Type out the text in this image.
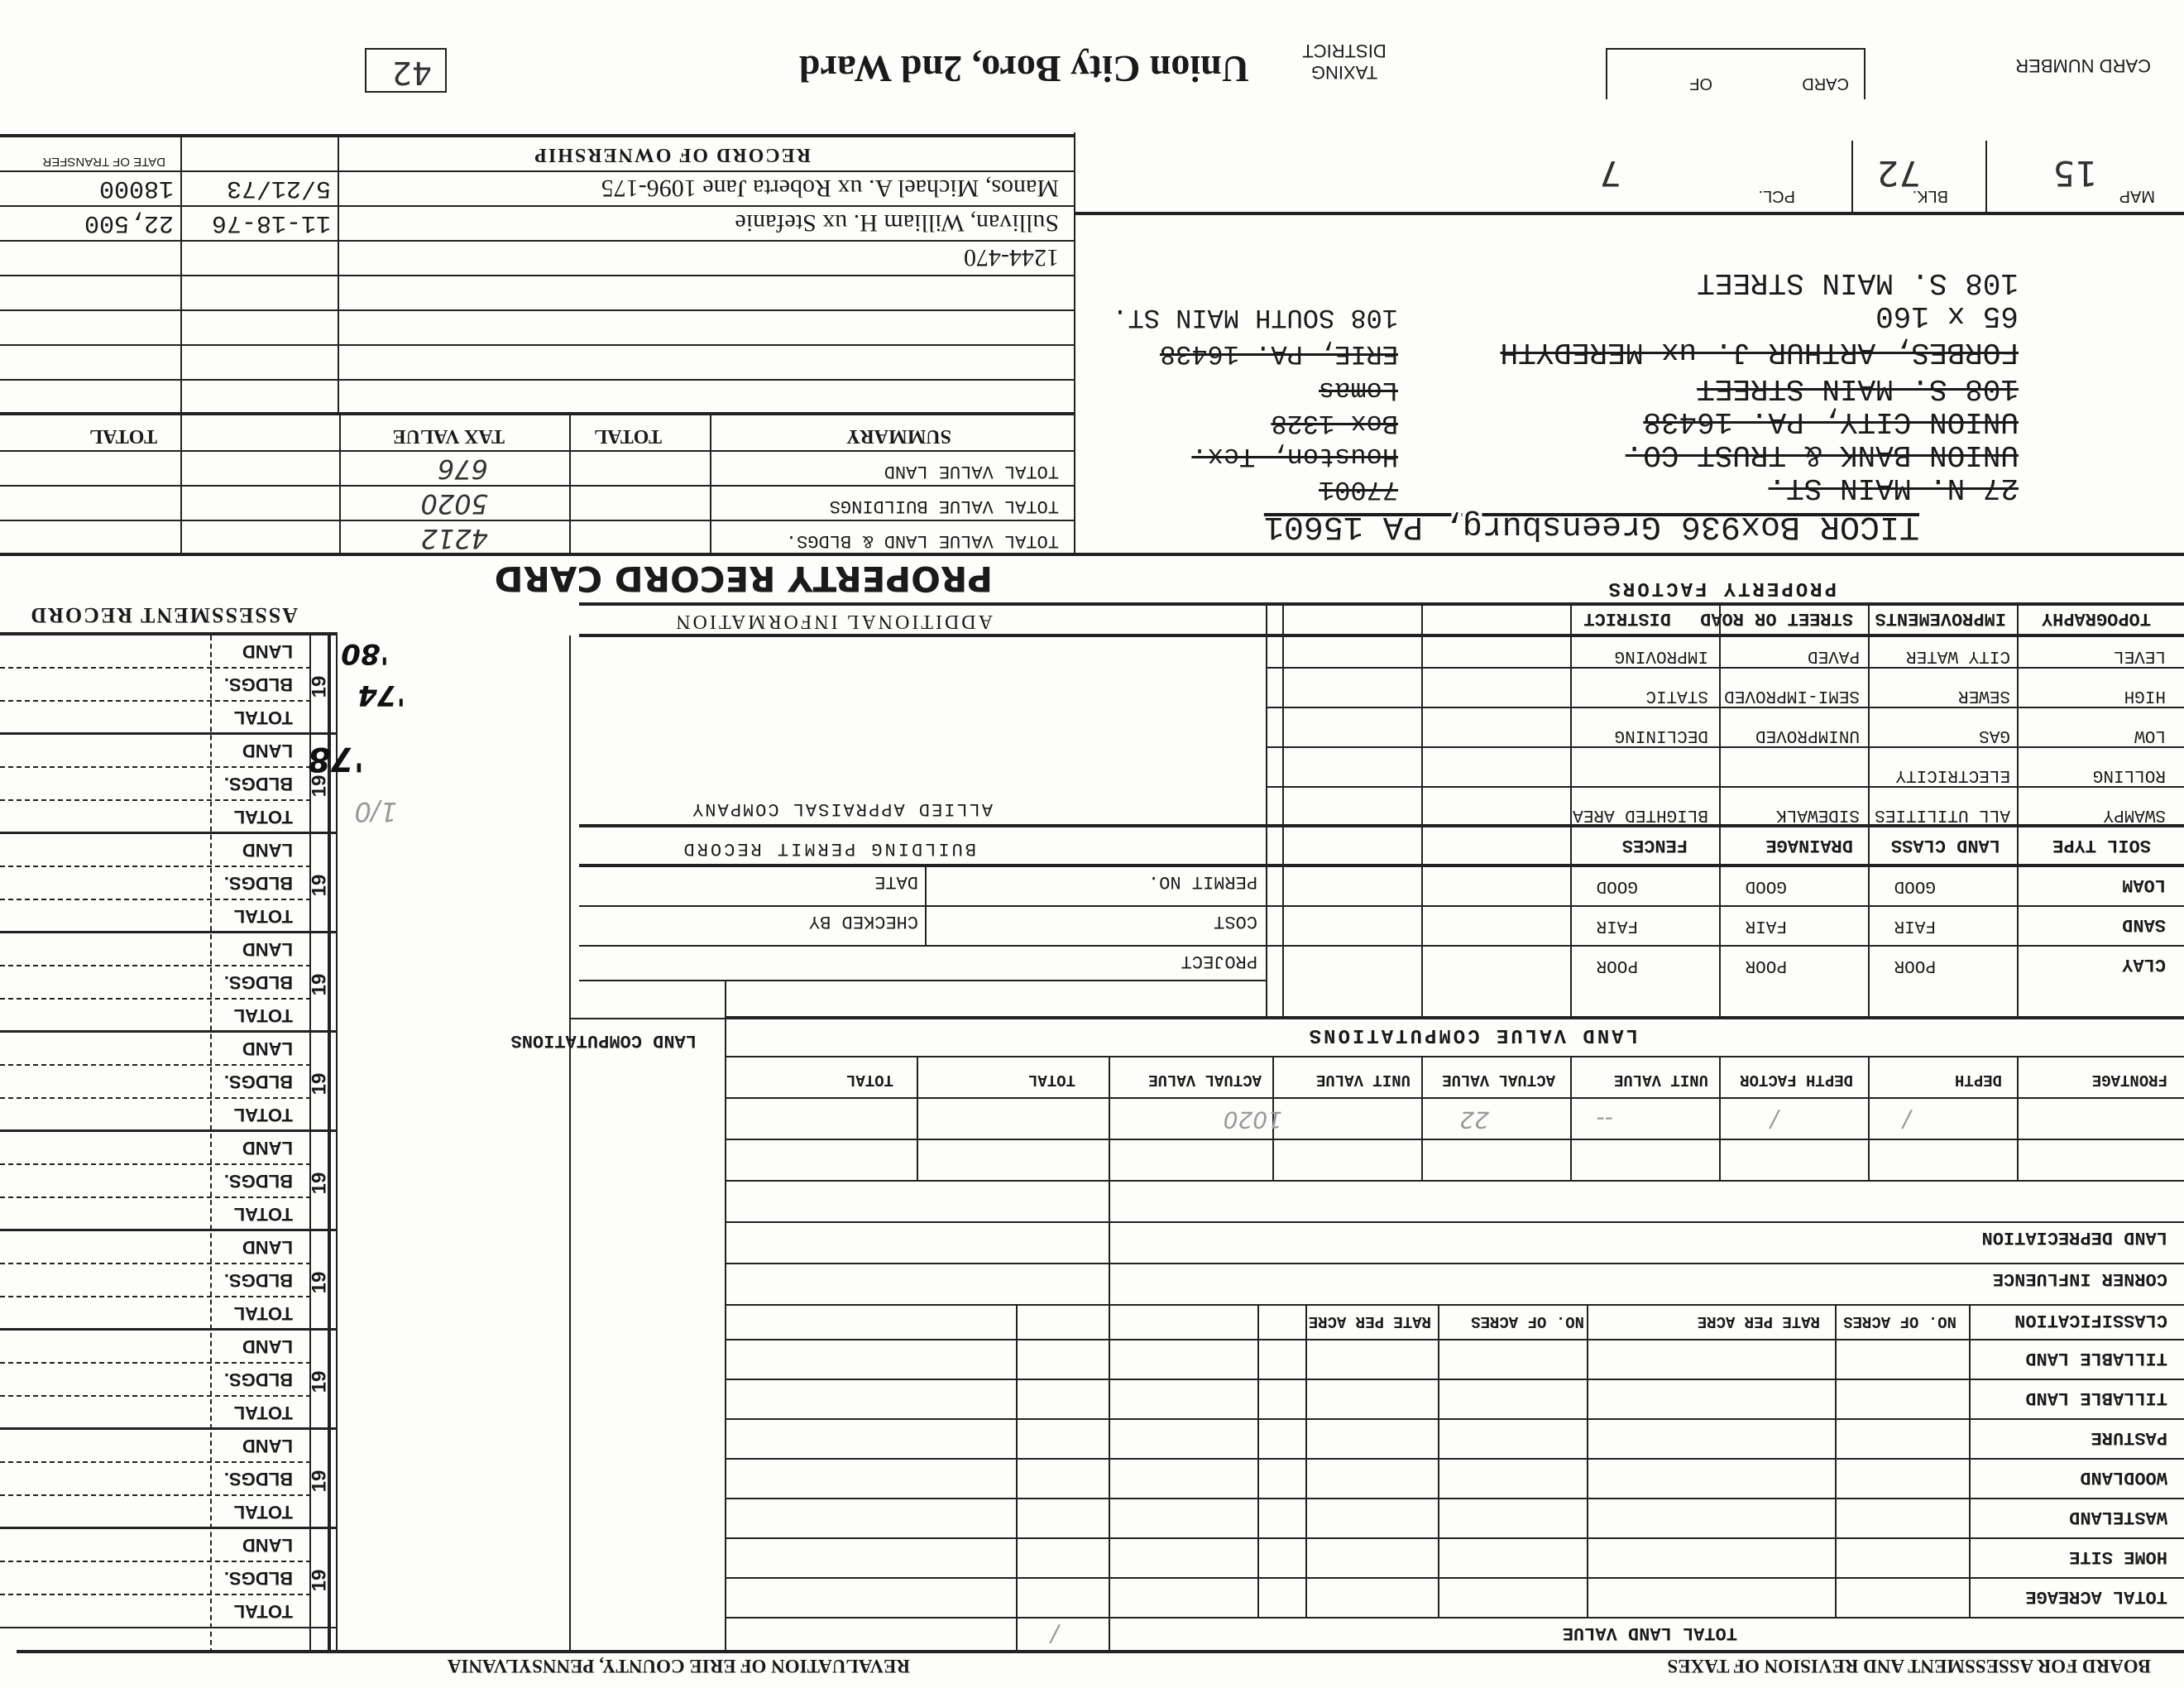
BOARD FOR ASSESSMENT AND REVISION OF TAXES
REVALUATION OF ERIE COUNTY, PENNSYLVANIA
19
TOTAL
BLDGS.
LAND
19
TOTAL
BLDGS.
LAND
19
TOTAL
BLDGS.
LAND
19
TOTAL
BLDGS.
LAND
19
TOTAL
BLDGS.
LAND
19
TOTAL
BLDGS.
LAND
19
TOTAL
BLDGS.
LAND
19
TOTAL
BLDGS.
LAND
19
TOTAL
BLDGS.
LAND
19
TOTAL
BLDGS.
LAND
ASSESSMENT RECORD
'78
'74
1/0
'80
LAND COMPUTATIONS
TOTAL LAND VALUE
/
TOTAL ACREAGE
HOME SITE
WASTELAND
WOODLAND
PASTURE
TILLABLE LAND
TILLABLE LAND
CLASSIFICATION
NO. OF ACRES
RATE PER ACRE
NO. OF ACRES
RATE PER ACRE
CORNER INFLUENCE
LAND DEPRECIATION
LAND VALUE COMPUTATIONS
FRONTAGE
DEPTH
DEPTH FACTOR
UNIT VALUE
ACTUAL VALUE
UNIT VALUE
ACTUAL VALUE
TOTAL
TOTAL
/
/
--
22
1020
CLAY
SAND
LOAM
POOR
FAIR
GOOD
POOR
FAIR
GOOD
POOR
FAIR
GOOD
SOIL TYPE
LAND CLASS
DRAINAGE
FENCES
LEVEL
CITY WATER
PAVED
IMPROVING
HIGH
SEWER
SEMI-IMPROVED
STATIC
LOW
GAS
UNIMPROVED
DECLINING
ROLLING
ELECTRICITY
SWAMPY
ALL UTILITIES
SIDEWALK
BLIGHTED AREA
TOPOGRAPHY
IMPROVEMENTS
STREET OR ROAD
DISTRICT
PROPERTY FACTORS
PROJECT
COST
PERMIT NO.
CHECKED BY
DATE
BUILDING PERMIT RECORD
ALLIED APPRAISAL COMPANY
ADDITIONAL INFORMATION
PROPERTY RECORD CARD
TICOR Box936 Greensburg, PA 15601
27 N. MAIN ST.
UNION BANK & TRUST CO.
UNION CITY, PA. 16438
108 S. MAIN STREET
FORBES, ARTHUR J. ux MEREDYTH
65 x 160
108 S. MAIN STREET
77001
Houston, Tex.
Box 1328
Lomas
ERIE, PA. 16438
108 SOUTH MAIN ST.
MAP
15
BLK.
72
PCL.
7
TOTAL VALUE LAND
TOTAL VALUE BUILDINGS
TOTAL VALUE LAND & BLDGS.
676
5020
4212
SUMMARY
TOTAL
TAX VALUE
TOTAL
Manos, Michael A. ux Roberta Jane 1096-175
5/21/73
18000
Sullivan, William H. ux Stefanie
11-18-76
22,500
1244-470
RECORD OF OWNERSHIP
DATE OF TRANSFER
CARD NUMBER
CARD
OF
TAXING DISTRICT
Union City Boro, 2nd Ward
42
